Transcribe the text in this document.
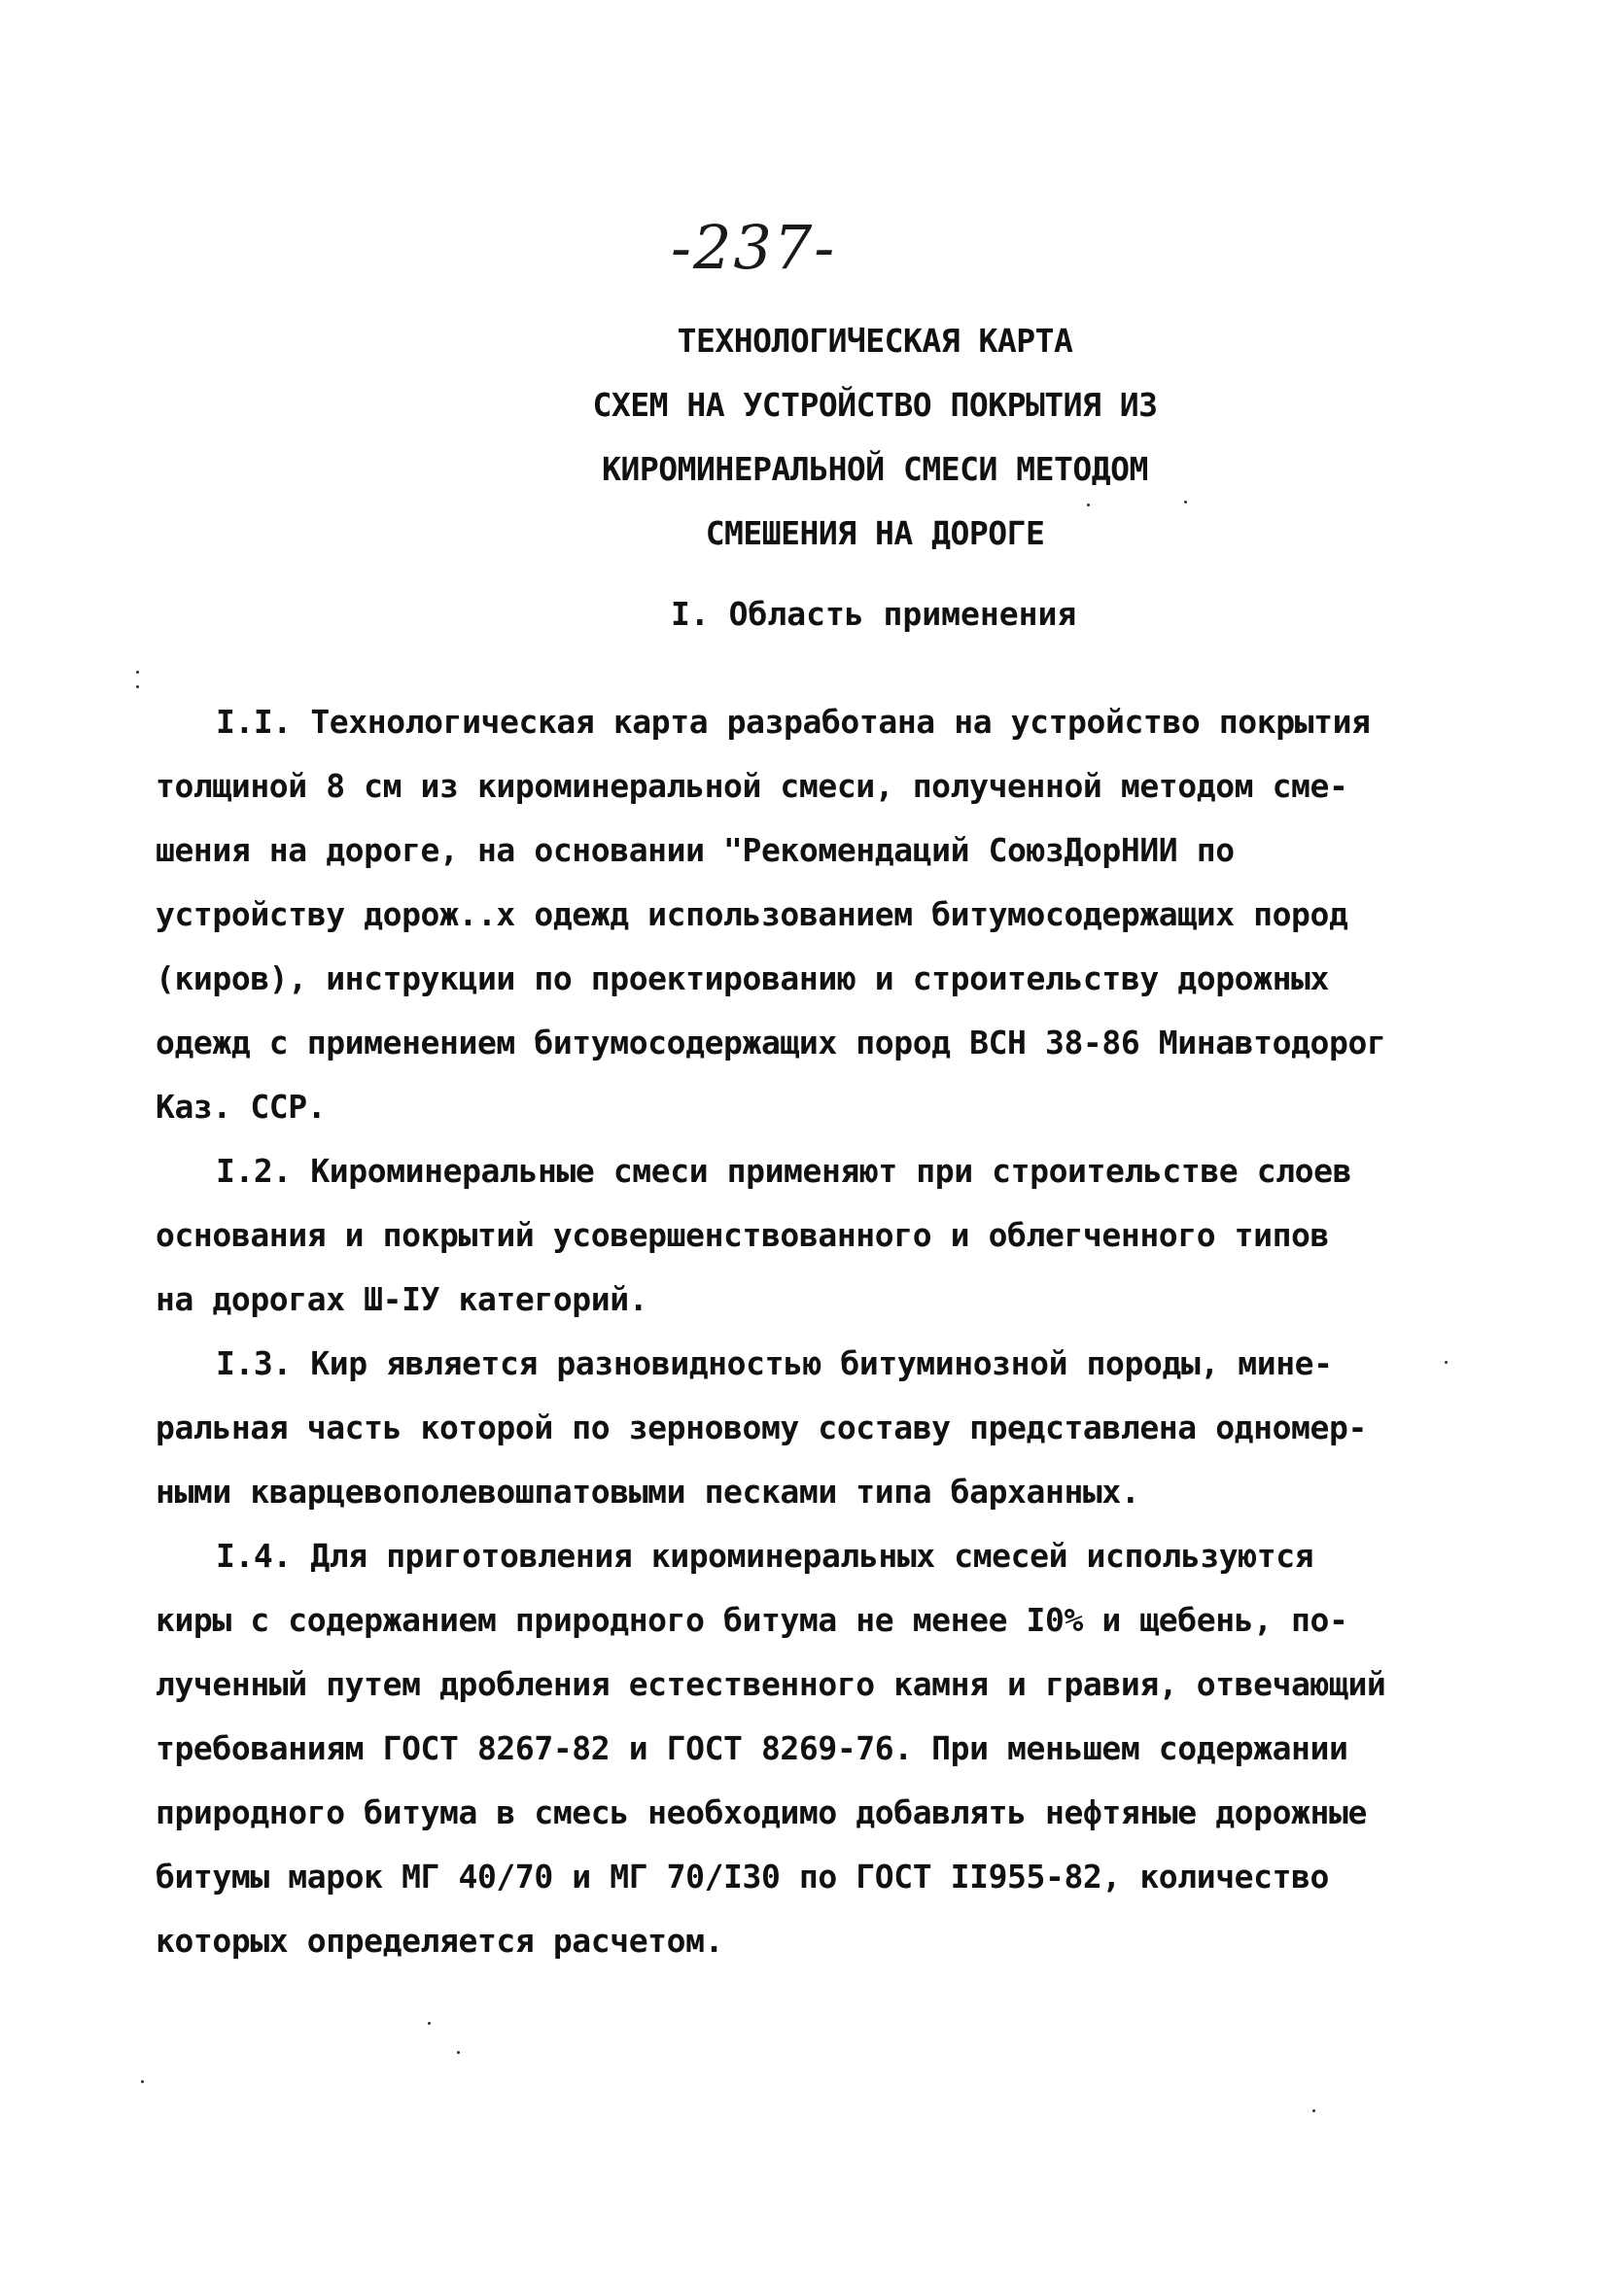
-237-
ТЕХНОЛОГИЧЕСКАЯ КАРТА
СХЕМ НА УСТРОЙСТВО ПОКРЫТИЯ ИЗ
КИРОМИНЕРАЛЬНОЙ СМЕСИ МЕТОДОМ
СМЕШЕНИЯ НА ДОРОГЕ
I. Область применения
I.I. Технологическая карта разработана на устройство покрытия
толщиной 8 см из кироминеральной смеси, полученной методом сме-
шения на дороге, на основании "Рекомендаций СоюзДорНИИ по
устройству дорож..х одежд использованием битумосодержащих пород
(киров), инструкции по проектированию и строительству дорожных
одежд с применением битумосодержащих пород ВСН 38-86 Минавтодорог
Каз. ССР.
I.2. Кироминеральные смеси применяют при строительстве слоев
основания и покрытий усовершенствованного и облегченного типов
на дорогах Ш-IУ категорий.
I.3. Кир является разновидностью битуминозной породы, мине-
ральная часть которой по зерновому составу представлена одномер-
ными кварцевополевошпатовыми песками типа барханных.
I.4. Для приготовления кироминеральных смесей используются
киры с содержанием природного битума не менее I0% и щебень, по-
лученный путем дробления естественного камня и гравия, отвечающий
требованиям ГОСТ 8267-82 и ГОСТ 8269-76. При меньшем содержании
природного битума в смесь необходимо добавлять нефтяные дорожные
битумы марок МГ 40/70 и МГ 70/I30 по ГОСТ II955-82, количество
которых определяется расчетом.
